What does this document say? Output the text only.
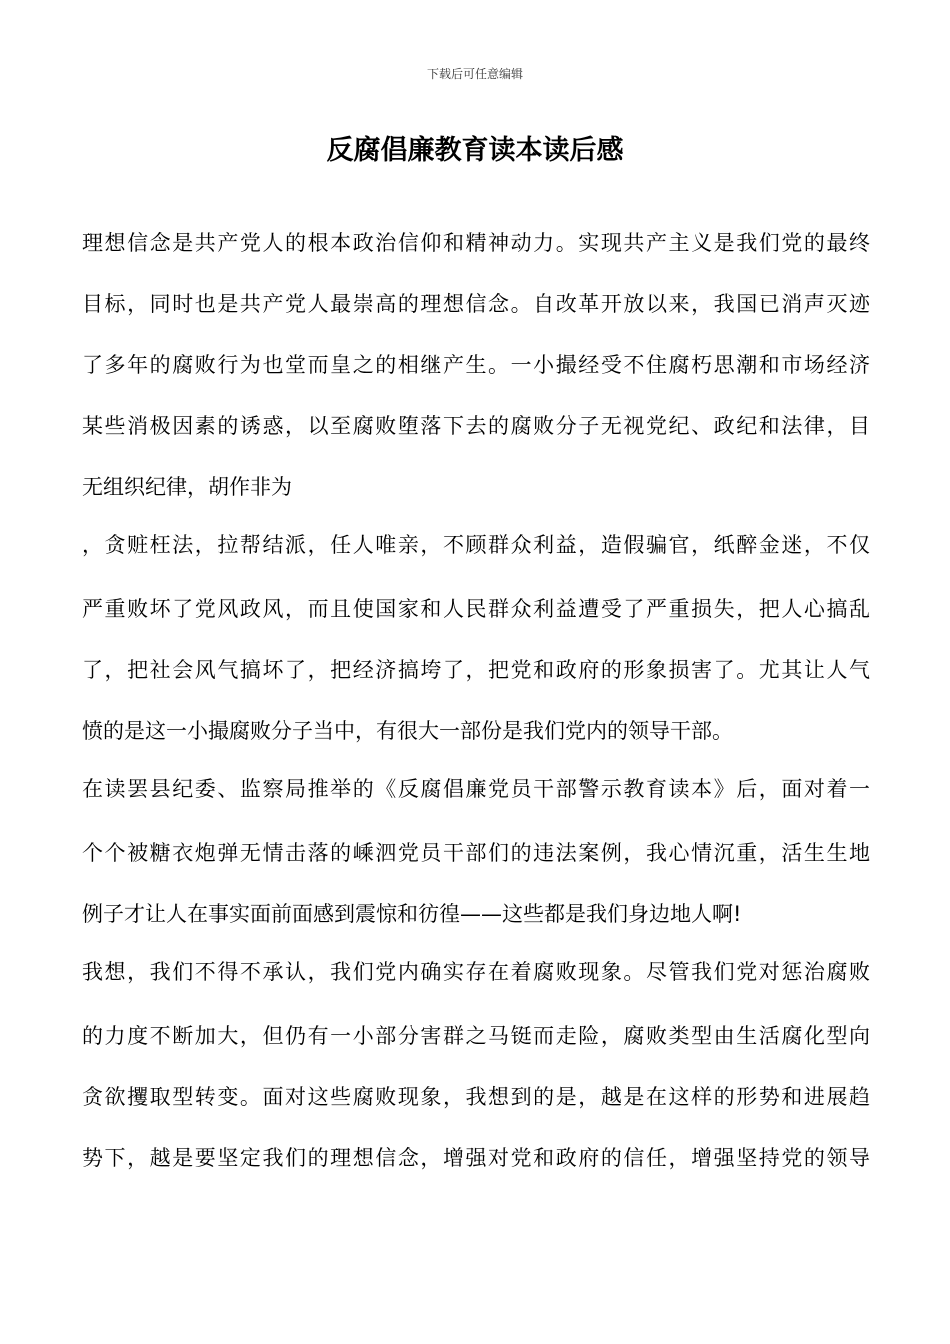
下载后可任意编辑
反腐倡廉教育读本读后感

理想信念是共产党人的根本政治信仰和精神动力。实现共产主义是我们党的最终
目标，同时也是共产党人最崇高的理想信念。自改革开放以来，我国已消声灭迹
了多年的腐败行为也堂而皇之的相继产生。一小撮经受不住腐朽思潮和市场经济
某些消极因素的诱惑，以至腐败堕落下去的腐败分子无视党纪、政纪和法律，目
无组织纪律，胡作非为

，贪赃枉法，拉帮结派，任人唯亲，不顾群众利益，造假骗官，纸醉金迷，不仅
严重败坏了党风政风，而且使国家和人民群众利益遭受了严重损失，把人心搞乱
了，把社会风气搞坏了，把经济搞垮了，把党和政府的形象损害了。尤其让人气
愤的是这一小撮腐败分子当中，有很大一部份是我们党内的领导干部。

在读罢县纪委、监察局推举的《反腐倡廉党员干部警示教育读本》后，面对着一
个个被糖衣炮弹无情击落的嵊泗党员干部们的违法案例，我心情沉重，活生生地
例子才让人在事实面前面感到震惊和彷徨——这些都是我们身边地人啊!

我想，我们不得不承认，我们党内确实存在着腐败现象。尽管我们党对惩治腐败
的力度不断加大，但仍有一小部分害群之马铤而走险，腐败类型由生活腐化型向
贪欲攫取型转变。面对这些腐败现象，我想到的是，越是在这样的形势和进展趋
势下，越是要坚定我们的理想信念，增强对党和政府的信任，增强坚持党的领导
